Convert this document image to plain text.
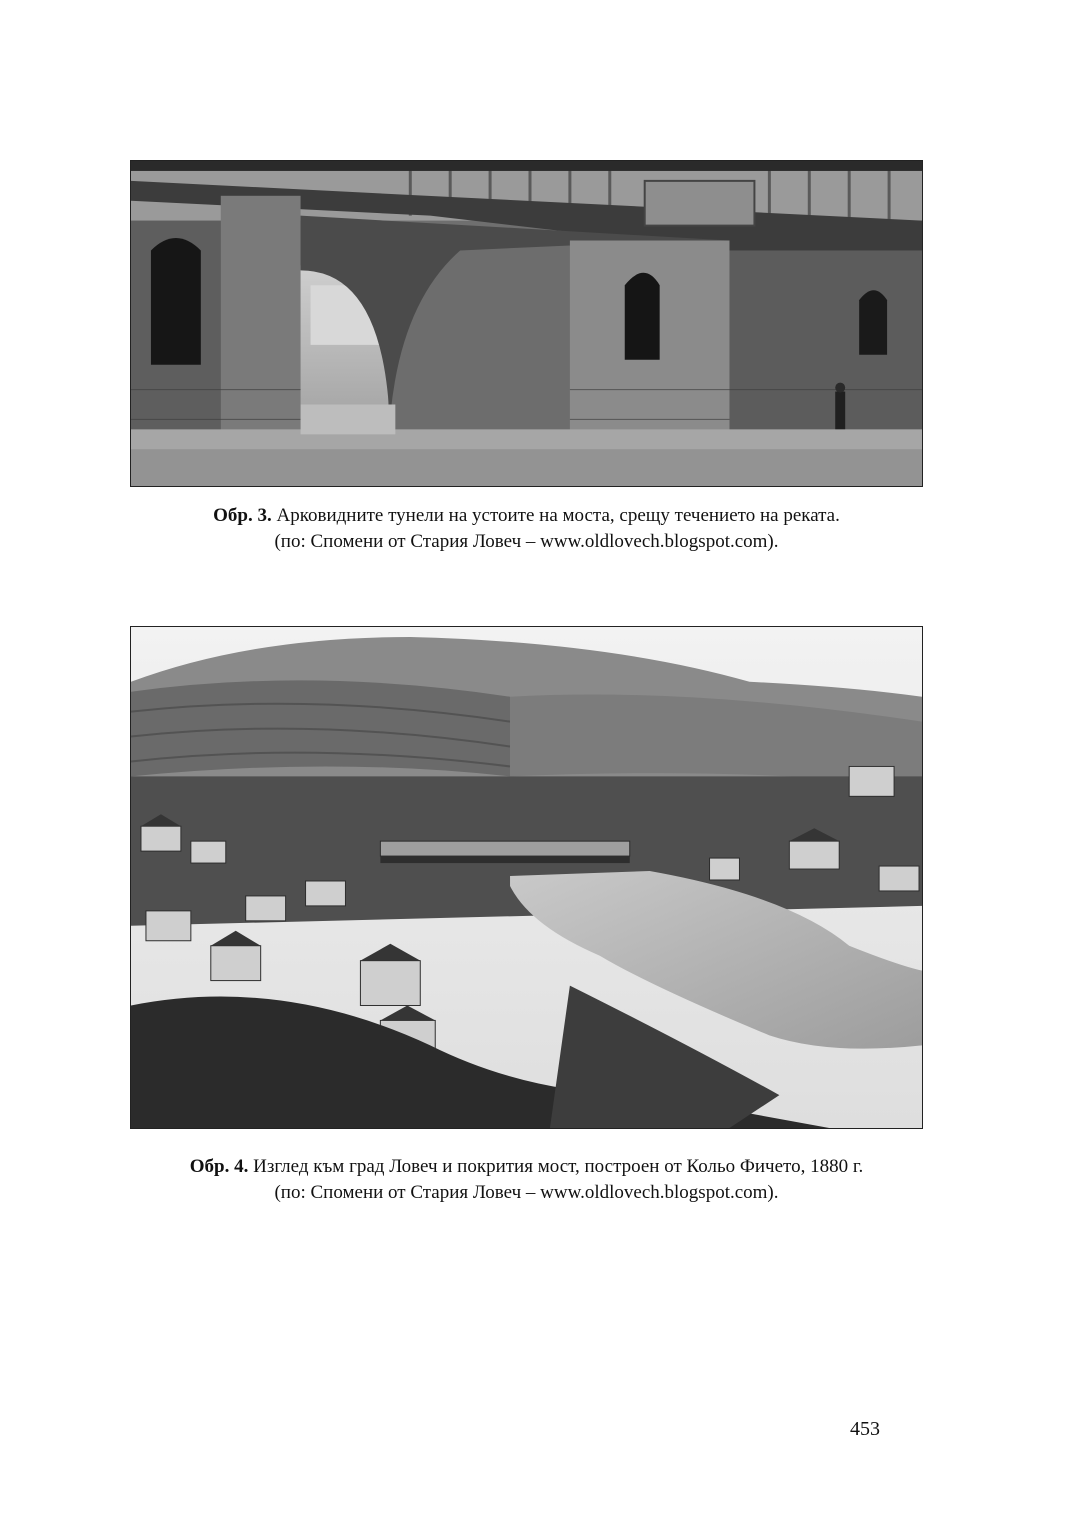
Обр. 3. Арковидните тунели на устоите на моста, срещу течението на реката.
(по: Спомени от Стария Ловеч – www.oldlovech.blogspot.com).
Обр. 4. Изглед към град Ловеч и покрития мост, построен от Кольо Фичето, 1880 г.
(по: Спомени от Стария Ловеч – www.oldlovech.blogspot.com).
453
